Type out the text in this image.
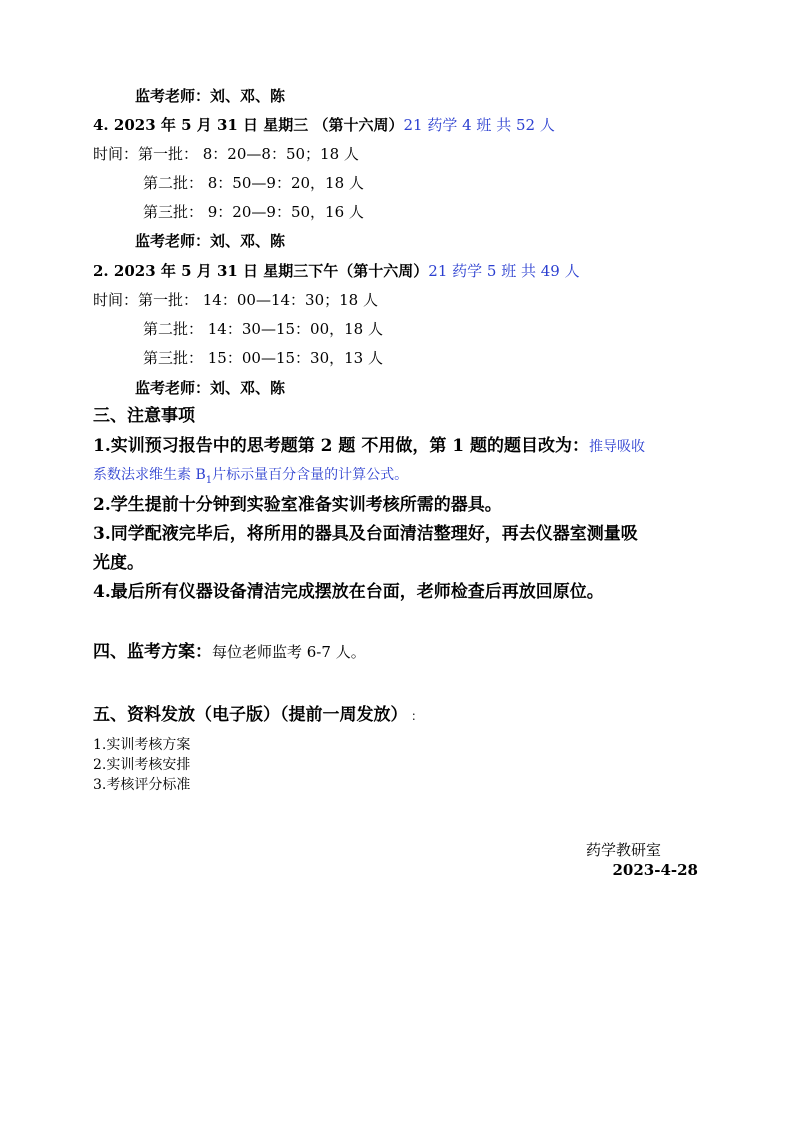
监考老师：刘、邓、陈
4. 2023 年 5 月 31 日 星期三 （第十六周）21 药学 4 班 共 52 人
时间：第一批： 8：20—8：50；18 人
第二批： 8：50—9：20，18 人
第三批： 9：20—9：50，16 人
监考老师：刘、邓、陈
2. 2023 年 5 月 31 日 星期三下午（第十六周）21 药学 5 班 共 49 人
时间：第一批： 14：00—14：30；18 人
第二批： 14：30—15：00，18 人
第三批： 15：00—15：30，13 人
监考老师：刘、邓、陈
三、注意事项
1.实训预习报告中的思考题第 2 题 不用做，第 1 题的题目改为：推导吸收
系数法求维生素 $B_1$片标示量百分含量的计算公式。
2.学生提前十分钟到实验室准备实训考核所需的器具。
3.同学配液完毕后，将所用的器具及台面清洁整理好，再去仪器室测量吸
光度。
4.最后所有仪器设备清洁完成摆放在台面，老师检查后再放回原位。
四、监考方案：每位老师监考 6-7 人。
五、资料发放（电子版）（提前一周发放） ：
1.实训考核方案
2.实训考核安排
3.考核评分标准
药学教研室
2023-4-28
